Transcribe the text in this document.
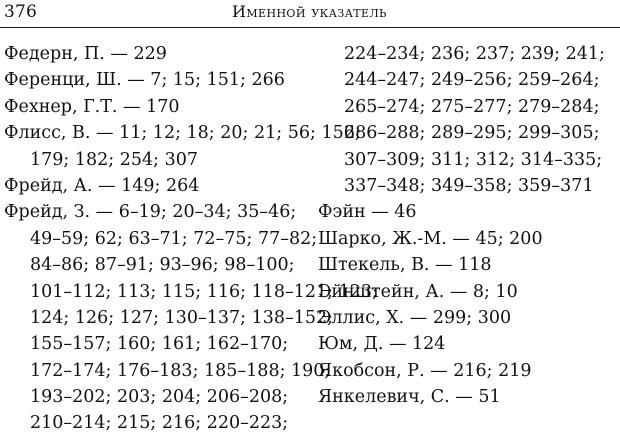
376	Именной указатель
Федерн, П. — 229
Ференци, Ш. — 7; 15; 151; 266
Фехнер, Г.Т. — 170
Флисс, В. — 11; 12; 18; 20; 21; 56; 156;
179; 182; 254; 307
Фрейд, А. — 149; 264
Фрейд, З. — 6–19; 20–34; 35–46;
49–59; 62; 63–71; 72–75; 77–82;
84–86; 87–91; 93–96; 98–100;
101–112; 113; 115; 116; 118–121; 123;
124; 126; 127; 130–137; 138–152;
155–157; 160; 161; 162–170;
172–174; 176–183; 185–188; 190;
193–202; 203; 204; 206–208;
210–214; 215; 216; 220–223;
224–234; 236; 237; 239; 241;
244–247; 249–256; 259–264;
265–274; 275–277; 279–284;
286–288; 289–295; 299–305;
307–309; 311; 312; 314–335;
337–348; 349–358; 359–371
Фэйн — 46
Шарко, Ж.-М. — 45; 200
Штекель, В. — 118
Эйнштейн, А. — 8; 10
Эллис, Х. — 299; 300
Юм, Д. — 124
Якобсон, Р. — 216; 219
Янкелевич, С. — 51
